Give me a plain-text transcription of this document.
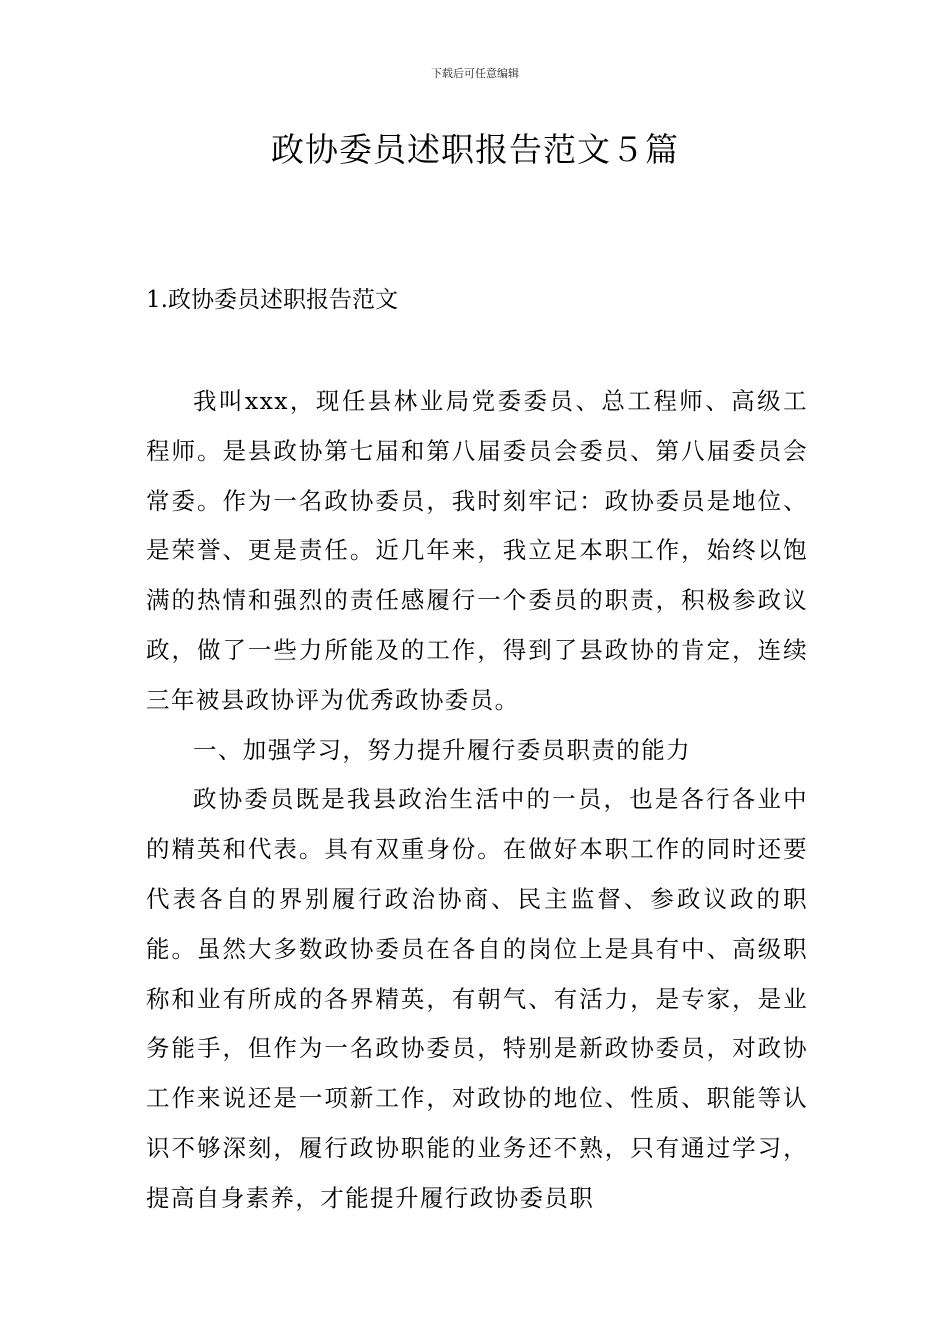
下载后可任意编辑
政协委员述职报告范文５篇
1.政协委员述职报告范文

我叫xxx，现任县林业局党委委员、总工程师、高级工程师。是县政协第七届和第八届委员会委员、第八届委员会常委。作为一名政协委员，我时刻牢记：政协委员是地位、是荣誉、更是责任。近几年来，我立足本职工作，始终以饱满的热情和强烈的责任感履行一个委员的职责，积极参政议政，做了一些力所能及的工作，得到了县政协的肯定，连续三年被县政协评为优秀政协委员。

一、加强学习，努力提升履行委员职责的能力

政协委员既是我县政治生活中的一员，也是各行各业中的精英和代表。具有双重身份。在做好本职工作的同时还要代表各自的界别履行政治协商、民主监督、参政议政的职能。虽然大多数政协委员在各自的岗位上是具有中、高级职称和业有所成的各界精英，有朝气、有活力，是专家，是业务能手，但作为一名政协委员，特别是新政协委员，对政协工作来说还是一项新工作，对政协的地位、性质、职能等认识不够深刻，履行政协职能的业务还不熟，只有通过学习，提高自身素养，才能提升履行政协委员职
